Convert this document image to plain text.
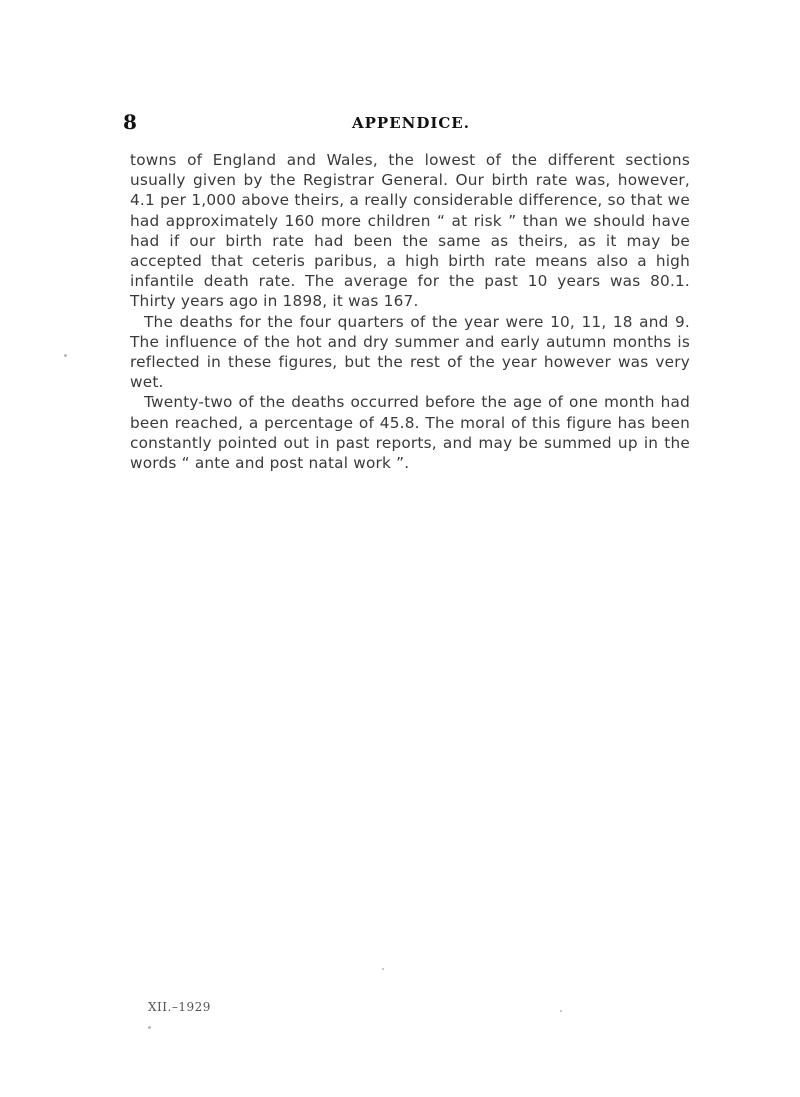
8	APPENDICE.

towns of England and Wales, the lowest of the different sections usually given by the Registrar General. Our birth rate was, however, 4.1 per 1,000 above theirs, a really considerable difference, so that we had approximately 160 more children “ at risk ” than we should have had if our birth rate had been the same as theirs, as it may be accepted that ceteris paribus, a high birth rate means also a high infantile death rate. The average for the past 10 years was 80.1. Thirty years ago in 1898, it was 167.

The deaths for the four quarters of the year were 10, 11, 18 and 9. The influence of the hot and dry summer and early autumn months is reflected in these figures, but the rest of the year however was very wet.

Twenty-two of the deaths occurred before the age of one month had been reached, a percentage of 45.8. The moral of this figure has been constantly pointed out in past reports, and may be summed up in the words “ ante and post natal work ”.

XII.–1929
